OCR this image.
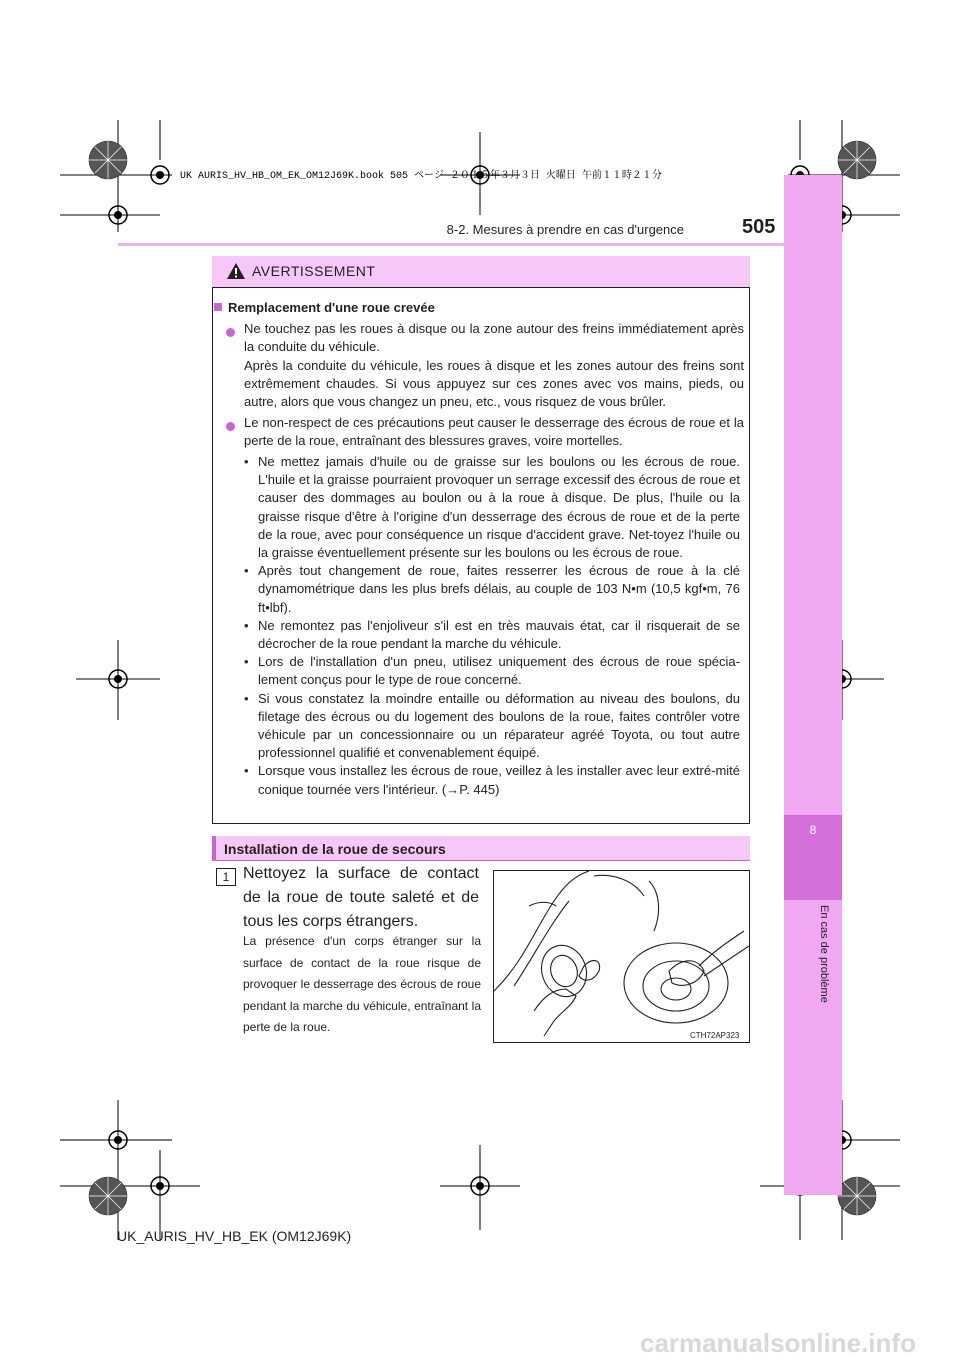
UK AURIS_HV_HB_OM_EK_OM12J69K.book 505 ページ ２０１５年３月３日 火曜日 午前１１時２１分
8
En cas de problème
8-2. Mesures à prendre en cas d'urgence	505
AVERTISSEMENT
Remplacement d'une roue crevée
Ne touchez pas les roues à disque ou la zone autour des freins immédiatement après la conduite du véhicule.
Après la conduite du véhicule, les roues à disque et les zones autour des freins sont extrêmement chaudes. Si vous appuyez sur ces zones avec vos mains, pieds, ou autre, alors que vous changez un pneu, etc., vous risquez de vous brûler.
Le non-respect de ces précautions peut causer le desserrage des écrous de roue et la perte de la roue, entraînant des blessures graves, voire mortelles.
• Ne mettez jamais d'huile ou de graisse sur les boulons ou les écrous de roue. L'huile et la graisse pourraient provoquer un serrage excessif des écrous de roue et causer des dommages au boulon ou à la roue à disque. De plus, l'huile ou la graisse risque d'être à l'origine d'un desserrage des écrous de roue et de la perte de la roue, avec pour conséquence un risque d'accident grave. Net-toyez l'huile ou la graisse éventuellement présente sur les boulons ou les écrous de roue.
• Après tout changement de roue, faites resserrer les écrous de roue à la clé dynamométrique dans les plus brefs délais, au couple de 103 N•m (10,5 kgf•m, 76 ft•lbf).
• Ne remontez pas l'enjoliveur s'il est en très mauvais état, car il risquerait de se décrocher de la roue pendant la marche du véhicule.
• Lors de l'installation d'un pneu, utilisez uniquement des écrous de roue spécia-lement conçus pour le type de roue concerné.
• Si vous constatez la moindre entaille ou déformation au niveau des boulons, du filetage des écrous ou du logement des boulons de la roue, faites contrôler votre véhicule par un concessionnaire ou un réparateur agréé Toyota, ou tout autre professionnel qualifié et convenablement équipé.
• Lorsque vous installez les écrous de roue, veillez à les installer avec leur extré-mité conique tournée vers l'intérieur. (→P. 445)
Installation de la roue de secours
1 Nettoyez la surface de contact de la roue de toute saleté et de tous les corps étrangers.
La présence d'un corps étranger sur la surface de contact de la roue risque de provoquer le desserrage des écrous de roue pendant la marche du véhicule, entraînant la perte de la roue.
CTH72AP323
UK_AURIS_HV_HB_EK (OM12J69K)
carmanualsonline.info
